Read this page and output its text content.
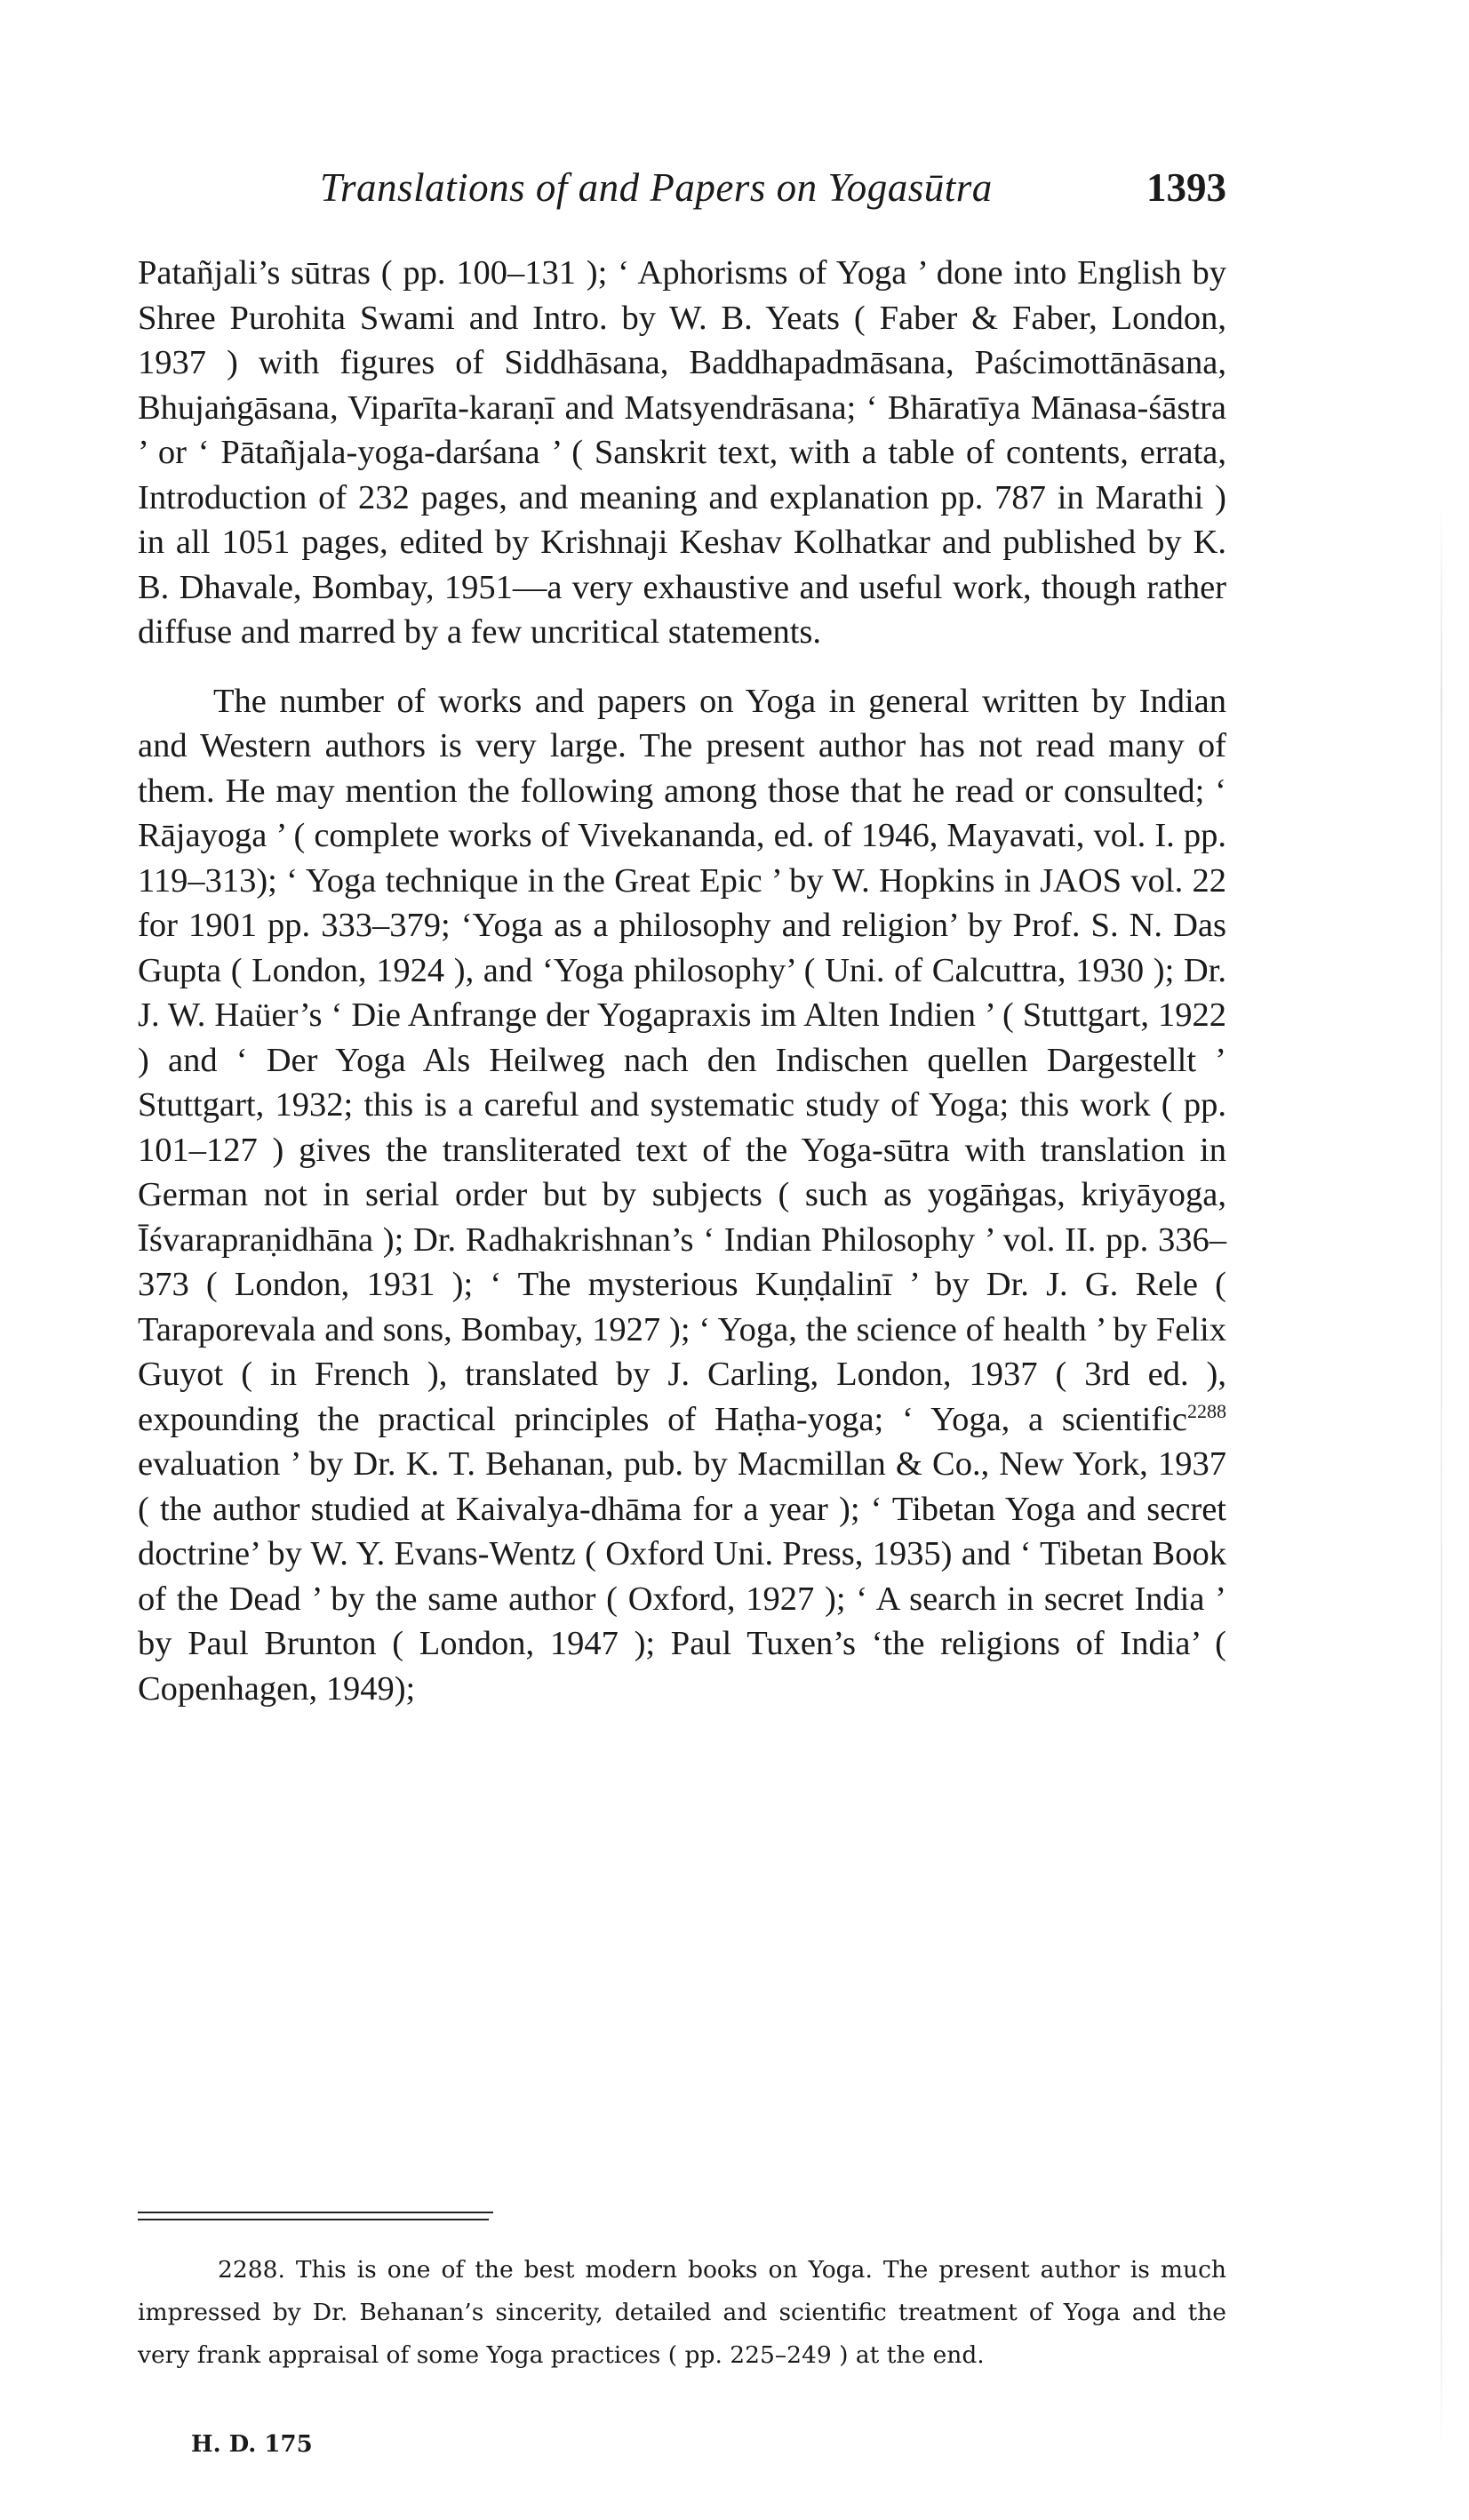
Translations of and Papers on Yogasūtra	1393

Patañjali’s sūtras ( pp. 100–131 ); ‘ Aphorisms of Yoga ’ done into English by Shree Purohita Swami and Intro. by W. B. Yeats ( Faber & Faber, London, 1937 ) with figures of Siddhāsana, Baddhapadmāsana, Paścimottānāsana, Bhujaṅgāsana, Viparīta-karaṇī and Matsyendrāsana; ‘ Bhāratīya Mānasa-śāstra ’ or ‘ Pātañjala-yoga-darśana ’ ( Sanskrit text, with a table of contents, errata, Introduction of 232 pages, and meaning and explanation pp. 787 in Marathi ) in all 1051 pages, edited by Krishnaji Keshav Kolhatkar and published by K. B. Dhavale, Bombay, 1951—a very exhaustive and useful work, though rather diffuse and marred by a few uncritical statements.

The number of works and papers on Yoga in general written by Indian and Western authors is very large. The present author has not read many of them. He may mention the following among those that he read or consulted; ‘ Rājayoga ’ ( complete works of Vivekananda, ed. of 1946, Mayavati, vol. I. pp. 119–313); ‘ Yoga technique in the Great Epic ’ by W. Hopkins in JAOS vol. 22 for 1901 pp. 333–379; ‘Yoga as a philosophy and religion’ by Prof. S. N. Das Gupta ( London, 1924 ), and ‘Yoga philosophy’ ( Uni. of Calcuttra, 1930 ); Dr. J. W. Haüer’s ‘ Die Anfrange der Yogapraxis im Alten Indien ’ ( Stuttgart, 1922 ) and ‘ Der Yoga Als Heilweg nach den Indischen quellen Dargestellt ’ Stuttgart, 1932; this is a careful and systematic study of Yoga; this work ( pp. 101–127 ) gives the transliterated text of the Yoga-sūtra with translation in German not in serial order but by subjects ( such as yogāṅgas, kriyāyoga, Īśvarapraṇidhāna ); Dr. Radhakrishnan’s ‘ Indian Philosophy ’ vol. II. pp. 336–373 ( London, 1931 ); ‘ The mysterious Kuṇḍalinī ’ by Dr. J. G. Rele ( Taraporevala and sons, Bombay, 1927 ); ‘ Yoga, the science of health ’ by Felix Guyot ( in French ), translated by J. Carling, London, 1937 ( 3rd ed. ), expounding the practical principles of Haṭha-yoga; ‘ Yoga, a scientific$^{2288}$ evaluation ’ by Dr. K. T. Behanan, pub. by Macmillan & Co., New York, 1937 ( the author studied at Kaivalya-dhāma for a year ); ‘ Tibetan Yoga and secret doctrine’ by W. Y. Evans-Wentz ( Oxford Uni. Press, 1935) and ‘ Tibetan Book of the Dead ’ by the same author ( Oxford, 1927 ); ‘ A search in secret India ’ by Paul Brunton ( London, 1947 ); Paul Tuxen’s ‘the religions of India’ ( Copenhagen, 1949);

2288. This is one of the best modern books on Yoga. The present author is much impressed by Dr. Behanan’s sincerity, detailed and scientific treatment of Yoga and the very frank appraisal of some Yoga practices ( pp. 225–249 ) at the end.

H. D. 175
